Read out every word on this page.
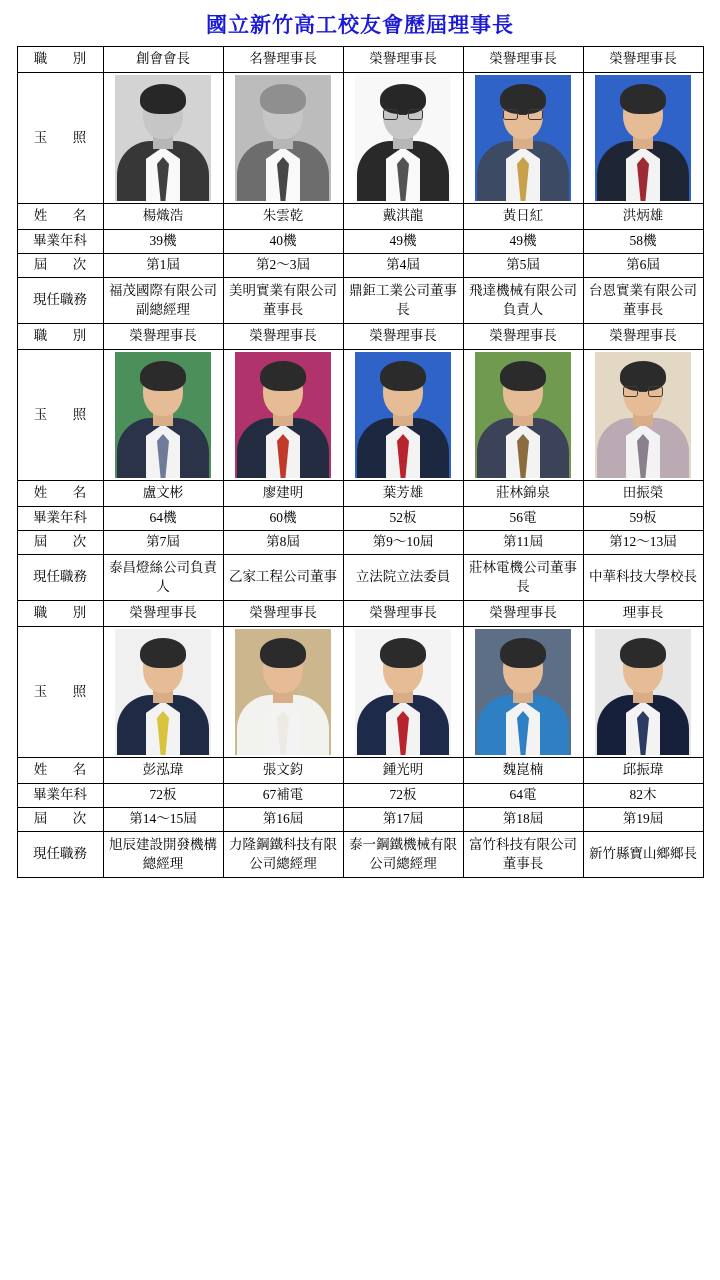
國立新竹高工校友會歷屆理事長
職　別	創會會長	名譽理事長	榮譽理事長	榮譽理事長	榮譽理事長
玉　照	

姓　名	楊熾浩	朱雲乾	戴淇龍	黃日紅	洪炳雄
畢業年科	39機	40機	49機	49機	58機
屆　次	第1屆	第2～3屆	第4屆	第5屆	第6屆
現任職務	福茂國際有限公司副總經理	美明實業有限公司董事長	鼎鉅工業公司董事長	飛達機械有限公司負責人	台恩實業有限公司董事長
職　別	榮譽理事長	榮譽理事長	榮譽理事長	榮譽理事長	榮譽理事長
玉　照	

姓　名	盧文彬	廖建明	葉芳雄	莊林錦泉	田振榮
畢業年科	64機	60機	52板	56電	59板
屆　次	第7屆	第8屆	第9～10屆	第11屆	第12～13屆
現任職務	泰昌燈絲公司負責人	乙家工程公司董事	立法院立法委員	莊林電機公司董事長	中華科技大學校長
職　別	榮譽理事長	榮譽理事長	榮譽理事長	榮譽理事長	理事長
玉　照	

姓　名	彭泓瑋	張文鈞	鍾光明	魏崑楠	邱振瑋
畢業年科	72板	67補電	72板	64電	82木
屆　次	第14～15屆	第16屆	第17屆	第18屆	第19屆
現任職務	旭辰建設開發機構總經理	力隆鋼鐵科技有限公司總經理	泰一鋼鐵機械有限公司總經理	富竹科技有限公司董事長	新竹縣寶山鄉鄉長
